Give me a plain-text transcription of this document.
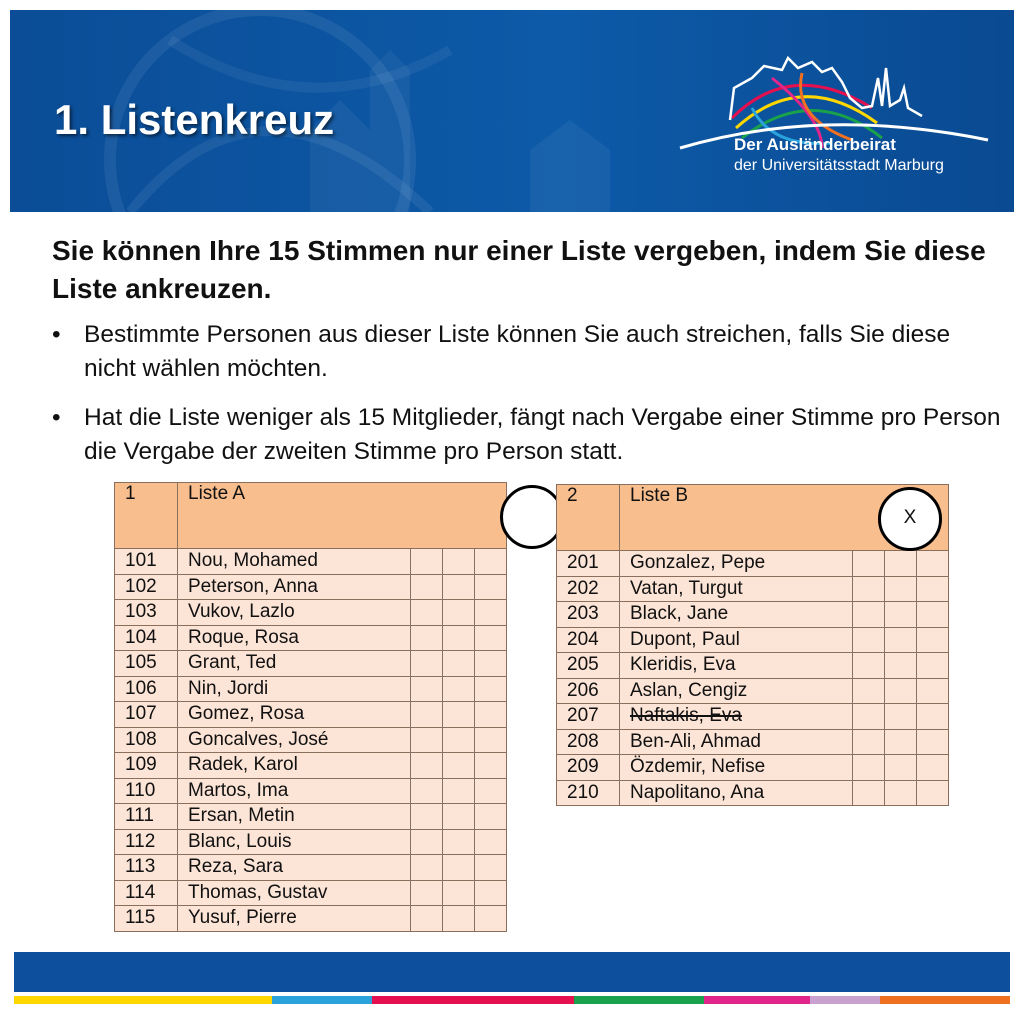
1. Listenkreuz
Der Ausländerbeirat
der Universitätsstadt Marburg

Sie können Ihre 15 Stimmen nur einer Liste vergeben, indem Sie diese Liste ankreuzen.

• Bestimmte Personen aus dieser Liste können Sie auch streichen, falls Sie diese nicht wählen möchten.
• Hat die Liste weniger als 15 Mitglieder, fängt nach Vergabe einer Stimme pro Person die Vergabe der zweiten Stimme pro Person statt.
1	Liste A			

101	Nou, Mohamed			
102	Peterson, Anna			
103	Vukov, Lazlo			
104	Roque, Rosa			
105	Grant, Ted			
106	Nin, Jordi			
107	Gomez, Rosa			
108	Goncalves, José			
109	Radek, Karol			
110	Martos, Ima			
111	Ersan, Metin			
112	Blanc, Louis			
113	Reza, Sara			
114	Thomas, Gustav			
115	Yusuf, Pierre			
2	Liste B
X			

201	Gonzalez, Pepe			
202	Vatan, Turgut			
203	Black, Jane			
204	Dupont, Paul			
205	Kleridis, Eva			
206	Aslan, Cengiz			
207	Naftakis, Eva			
208	Ben-Ali, Ahmad			
209	Özdemir, Nefise			
210	Napolitano, Ana			
